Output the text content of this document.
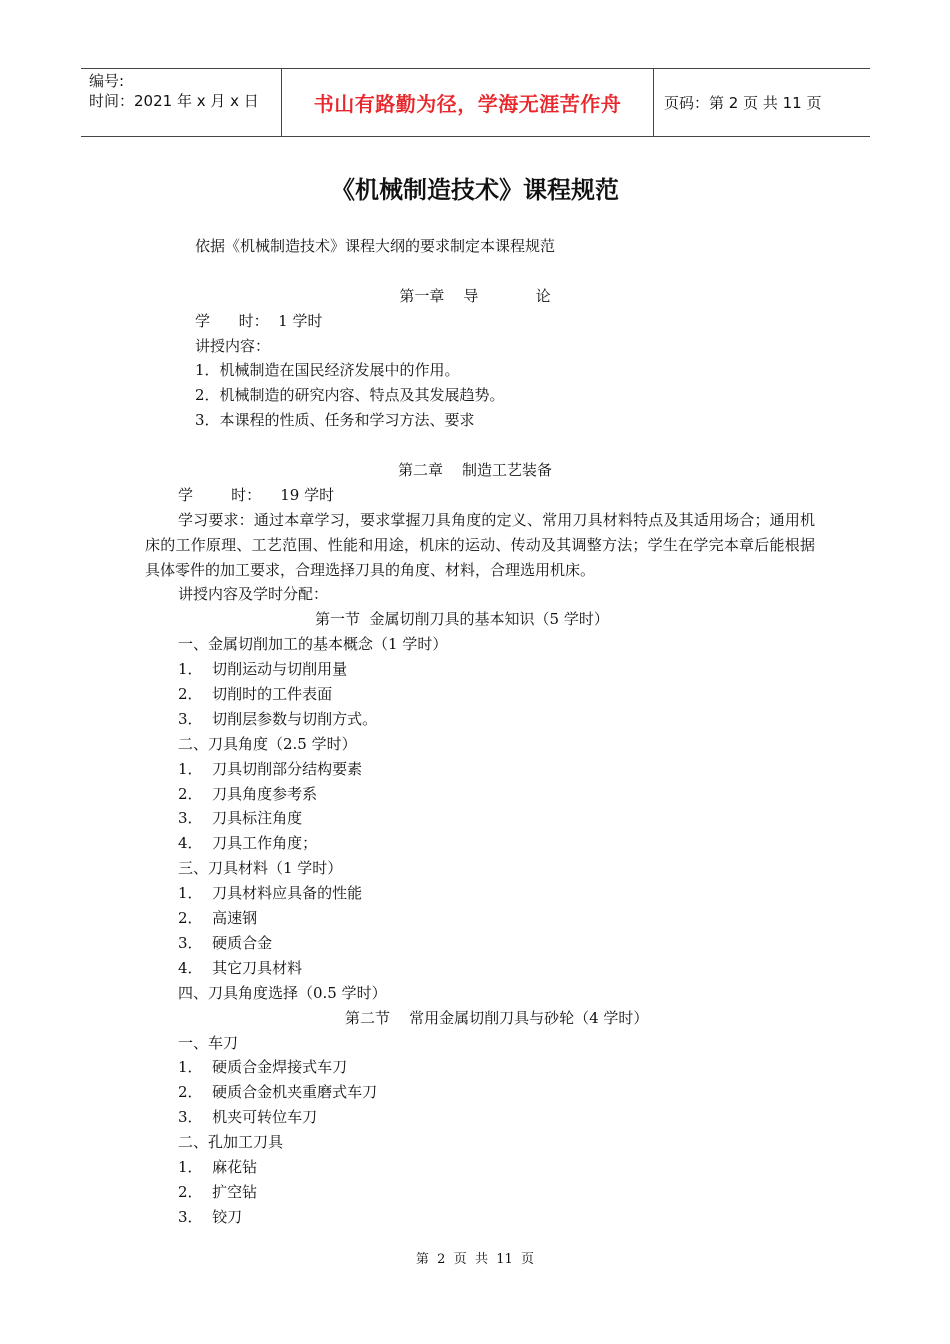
编号:
时间：2021 年 x 月 x 日	书山有路勤为径，学海无涯苦作舟	页码：第 2 页 共 11 页
《机械制造技术》课程规范
依据《机械制造技术》课程大纲的要求制定本课程规范
第一章    导            论
学      时：  1 学时
讲授内容：
1．机械制造在国民经济发展中的作用。
2．机械制造的研究内容、特点及其发展趋势。
3．本课程的性质、任务和学习方法、要求
第二章    制造工艺装备
学        时：    19 学时
学习要求：通过本章学习，要求掌握刀具角度的定义、常用刀具材料特点及其适用场合；通用机床的工作原理、工艺范围、性能和用途，机床的运动、传动及其调整方法；学生在学完本章后能根据具体零件的加工要求，合理选择刀具的角度、材料，合理选用机床。
讲授内容及学时分配：
第一节  金属切削刀具的基本知识（5 学时）
一、金属切削加工的基本概念（1 学时）
1．  切削运动与切削用量
2．  切削时的工件表面
3．  切削层参数与切削方式。
二、刀具角度（2.5 学时）
1．  刀具切削部分结构要素
2．  刀具角度参考系
3．  刀具标注角度
4．  刀具工作角度；
三、刀具材料（1 学时）
1．  刀具材料应具备的性能
2．  高速钢
3．  硬质合金
4．  其它刀具材料
四、刀具角度选择（0.5 学时）
第二节    常用金属切削刀具与砂轮（4 学时）
一、车刀
1．  硬质合金焊接式车刀
2．  硬质合金机夹重磨式车刀
3．  机夹可转位车刀
二、孔加工刀具
1．  麻花钻
2．  扩空钻
3．  铰刀
第  2  页  共  11  页
